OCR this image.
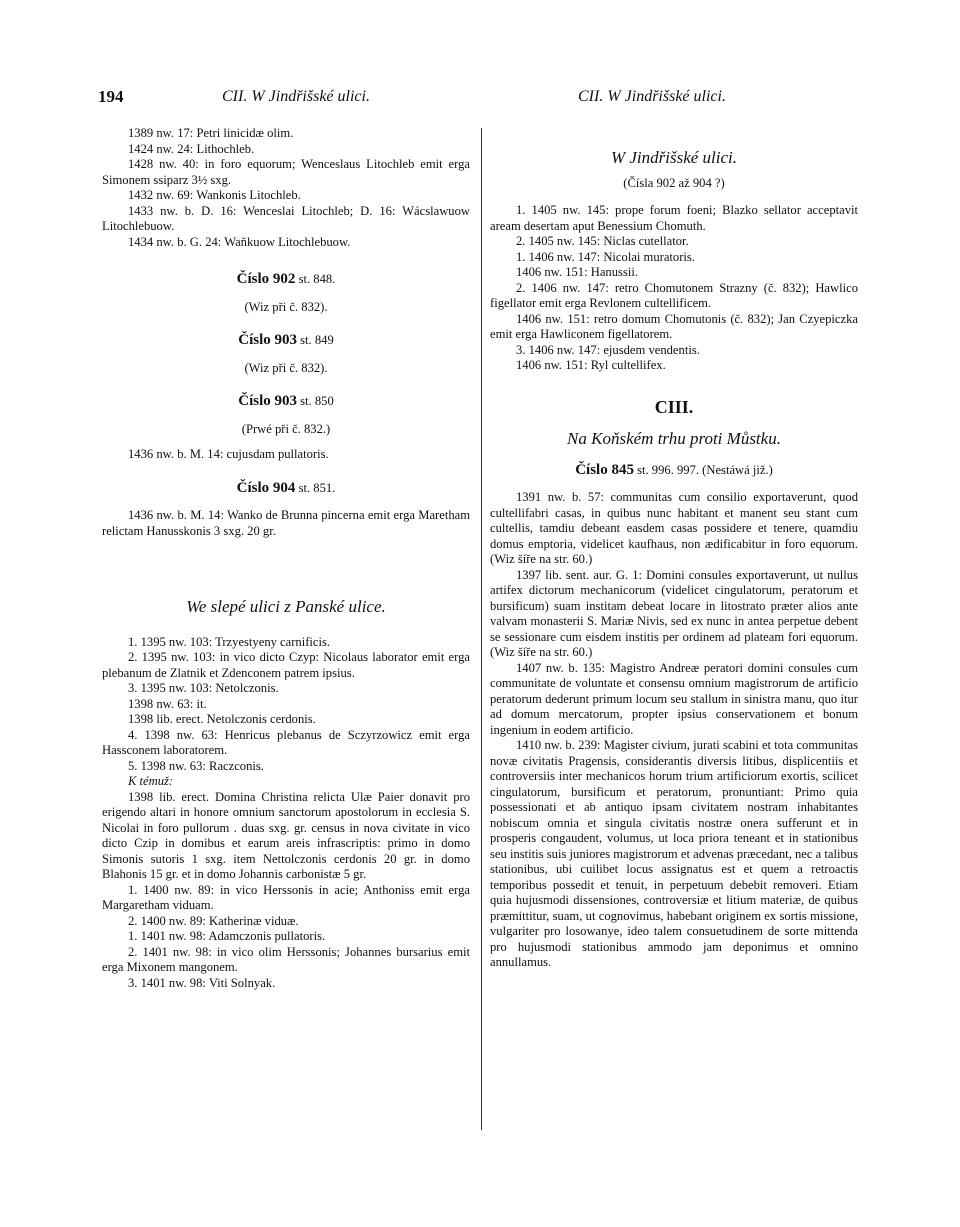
194	CII. W Jindřišské ulici.	CII. W Jindřišské ulici.

1389 nw. 17: Petri linicidæ olim.

1424 nw. 24: Lithochleb.

1428 nw. 40: in foro equorum; Wenceslaus Litochleb emit erga Simonem ssiparz 3½ sxg.

1432 nw. 69: Wankonis Litochleb.

1433 nw. b. D. 16: Wenceslai Litochleb; D. 16: Wácslawuow Litochlebuow.

1434 nw. b. G. 24: Waňkuow Litochlebuow.

Číslo 902 st. 848.

(Wiz při č. 832).

Číslo 903 st. 849

(Wiz při č. 832).

Číslo 903 st. 850

(Prwé při č. 832.)

1436 nw. b. M. 14: cujusdam pullatoris.

Číslo 904 st. 851.

1436 nw. b. M. 14: Wanko de Brunna pincerna emit erga Maretham relictam Hanusskonis 3 sxg. 20 gr.

We slepé ulici z Panské ulice.

1. 1395 nw. 103: Trzyestyeny carnificis.

2. 1395 nw. 103: in vico dicto Czyp: Nicolaus laborator emit erga plebanum de Zlatnik et Zdenconem patrem ipsius.

3. 1395 nw. 103: Netolczonis.

1398 nw. 63: it.

1398 lib. erect. Netolczonis cerdonis.

4. 1398 nw. 63: Henricus plebanus de Sczyrzowicz emit erga Hassconem laboratorem.

5. 1398 nw. 63: Raczconis.

K témuž:

1398 lib. erect. Domina Christina relicta Ulæ Paier donavit pro erigendo altari in honore omnium sanctorum apostolorum in ecclesia S. Nicolai in foro pullorum . duas sxg. gr. census in nova civitate in vico dicto Czip in domibus et earum areis infrascriptis: primo in domo Simonis sutoris 1 sxg. item Nettolczonis cerdonis 20 gr. in domo Blahonis 15 gr. et in domo Johannis carbonistæ 5 gr.

1. 1400 nw. 89: in vico Herssonis in acie; Anthoniss emit erga Margaretham viduam.

2. 1400 nw. 89: Katherinæ viduæ.

1. 1401 nw. 98: Adamczonis pullatoris.

2. 1401 nw. 98: in vico olim Herssonis; Johannes bursarius emit erga Mixonem mangonem.

3. 1401 nw. 98: Viti Solnyak.

W Jindřišské ulici.

(Čísla 902 až 904 ?)

1. 1405 nw. 145: prope forum foeni; Blazko sellator acceptavit aream desertam aput Benessium Chomuth.

2. 1405 nw. 145: Niclas cutellator.

1. 1406 nw. 147: Nicolai muratoris.

1406 nw. 151: Hanussii.

2. 1406 nw. 147: retro Chomutonem Strazny (č. 832); Hawlico figellator emit erga Revlonem cultellificem.

1406 nw. 151: retro domum Chomutonis (č. 832); Jan Czyepiczka emit erga Hawliconem figellatorem.

3. 1406 nw. 147: ejusdem vendentis.

1406 nw. 151: Ryl cultellifex.

CIII.

Na Koňském trhu proti Můstku.

Číslo 845 st. 996. 997. (Nestáwá již.)

1391 nw. b. 57: communitas cum consilio exportaverunt, quod cultellifabri casas, in quibus nunc habitant et manent seu stant cum cultellis, tamdiu debeant easdem casas possidere et tenere, quamdiu domus emptoria, videlicet kaufhaus, non ædificabitur in foro equorum. (Wiz šíře na str. 60.)

1397 lib. sent. aur. G. 1: Domini consules exportaverunt, ut nullus artifex dictorum mechanicorum (videlicet cingulatorum, peratorum et bursificum) suam institam debeat locare in litostrato præter alios ante valvam monasterii S. Mariæ Nivis, sed ex nunc in antea perpetue debent se sessionare cum eisdem institis per ordinem ad plateam fori equorum. (Wiz šíře na str. 60.)

1407 nw. b. 135: Magistro Andreæ peratori domini consules cum communitate de voluntate et consensu omnium magistrorum de artificio peratorum dederunt primum locum seu stallum in sinistra manu, quo itur ad domum mercatorum, propter ipsius conservationem et bonum ingenium in eodem artificio.

1410 nw. b. 239: Magister civium, jurati scabini et tota communitas novæ civitatis Pragensis, considerantis diversis litibus, displicentiis et controversiis inter mechanicos horum trium artificiorum exortis, scilicet cingulatorum, bursificum et peratorum, pronuntiant: Primo quia possessionati et ab antiquo ipsam civitatem nostram inhabitantes nobiscum omnia et singula civitatis nostræ onera sufferunt et in prosperis congaudent, volumus, ut loca priora teneant et in stationibus seu institis suis juniores magistrorum et advenas præcedant, nec a talibus stationibus, ubi cuilibet locus assignatus est et quem a retroactis temporibus possedit et tenuit, in perpetuum debebit removeri. Etiam quia hujusmodi dissensiones, controversiæ et litium materiæ, de quibus præmittitur, suam, ut cognovimus, habebant originem ex sortis missione, vulgariter pro losowanye, ideo talem consuetudinem de sorte mittenda pro hujusmodi stationibus ammodo jam deponimus et omnino annullamus.
